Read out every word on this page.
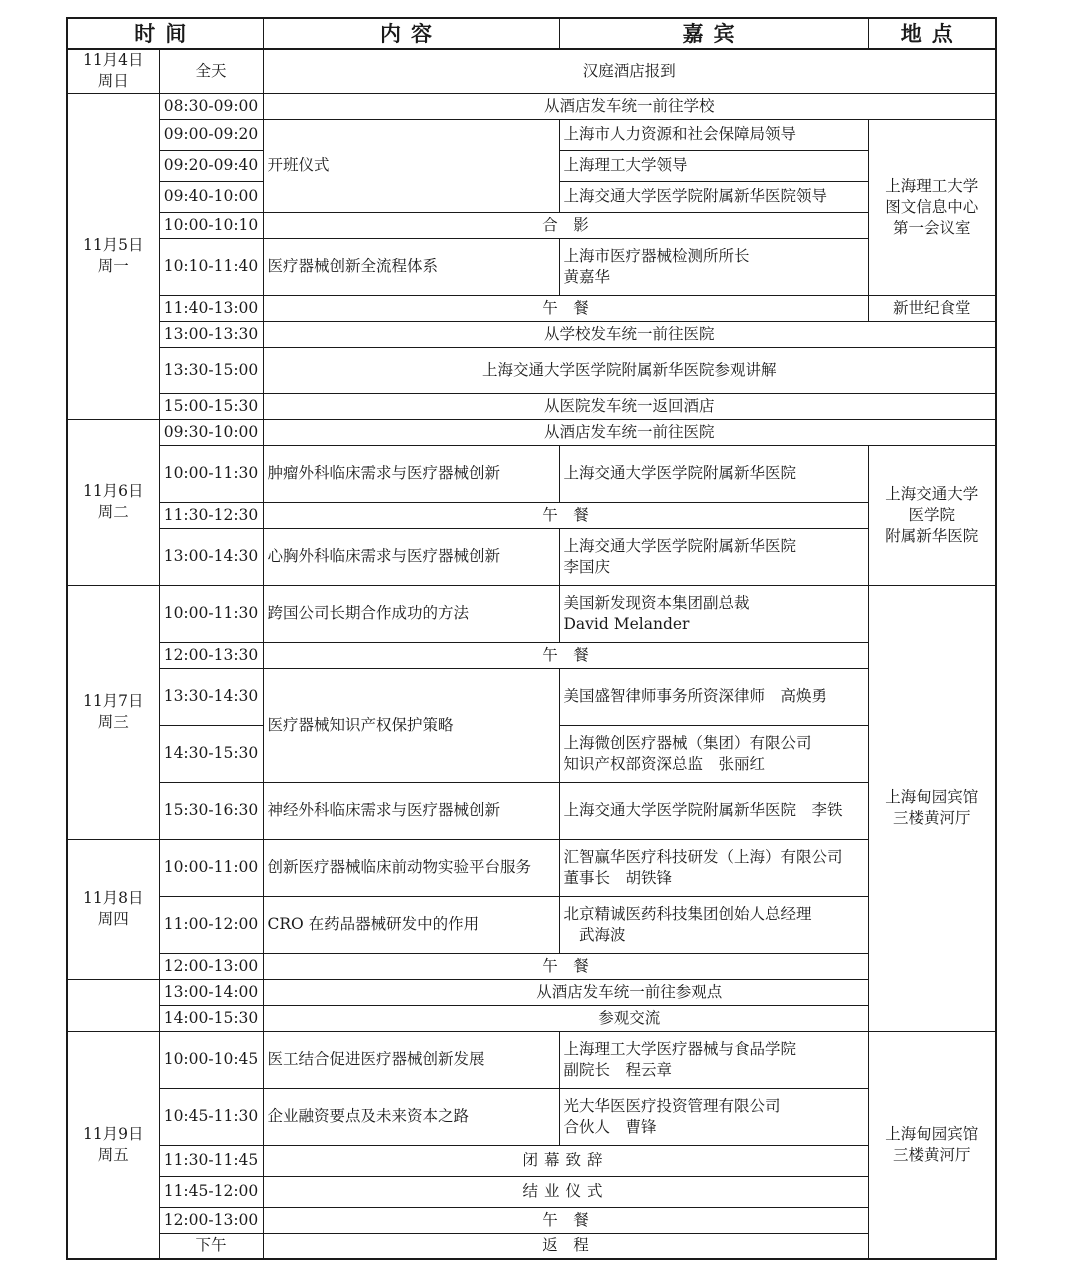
时间		内容	嘉宾	地点
11月4日
周日	全天	汉庭酒店报到		
11月5日
周一	08:30-09:00	从酒店发车统一前往学校		
	09:00-09:20	开班仪式	上海市人力资源和社会保障局领导	上海理工大学
图文信息中心
第一会议室
	09:20-09:40		上海理工大学领导	
	09:40-10:00		上海交通大学医学院附属新华医院领导	
	10:00-10:10	合　影		
	10:10-11:40	医疗器械创新全流程体系	上海市医疗器械检测所所长
黄嘉华	
	11:40-13:00	午　餐		新世纪食堂
	13:00-13:30	从学校发车统一前往医院		
	13:30-15:00	上海交通大学医学院附属新华医院参观讲解		
	15:00-15:30	从医院发车统一返回酒店		
11月6日
周二	09:30-10:00	从酒店发车统一前往医院		
	10:00-11:30	肿瘤外科临床需求与医疗器械创新	上海交通大学医学院附属新华医院	上海交通大学
医学院
附属新华医院
	11:30-12:30	午　餐		
	13:00-14:30	心胸外科临床需求与医疗器械创新	上海交通大学医学院附属新华医院
李国庆	
11月7日
周三	10:00-11:30	跨国公司长期合作成功的方法	美国新发现资本集团副总裁
David Melander	上海甸园宾馆
三楼黄河厅
	12:00-13:30	午　餐		
	13:30-14:30	医疗器械知识产权保护策略	美国盛智律师事务所资深律师　高焕勇	
	14:30-15:30		上海微创医疗器械（集团）有限公司
知识产权部资深总监　张丽红	
	15:30-16:30	神经外科临床需求与医疗器械创新	上海交通大学医学院附属新华医院　李铁	
11月8日
周四	10:00-11:00	创新医疗器械临床前动物实验平台服务	汇智赢华医疗科技研发（上海）有限公司
董事长　胡铁锋	
	11:00-12:00	CRO 在药品器械研发中的作用	北京精诚医药科技集团创始人总经理
　武海波	
	12:00-13:00	午　餐		
	13:00-14:00	从酒店发车统一前往参观点		
	14:00-15:30	参观交流		
11月9日
周五	10:00-10:45	医工结合促进医疗器械创新发展	上海理工大学医疗器械与食品学院
副院长　程云章	上海甸园宾馆
三楼黄河厅
	10:45-11:30	企业融资要点及未来资本之路	光大华医医疗投资管理有限公司
合伙人　曹锋	
	11:30-11:45	闭幕致辞		
	11:45-12:00	结业仪式		
	12:00-13:00	午　餐		
	下午	返　程		
